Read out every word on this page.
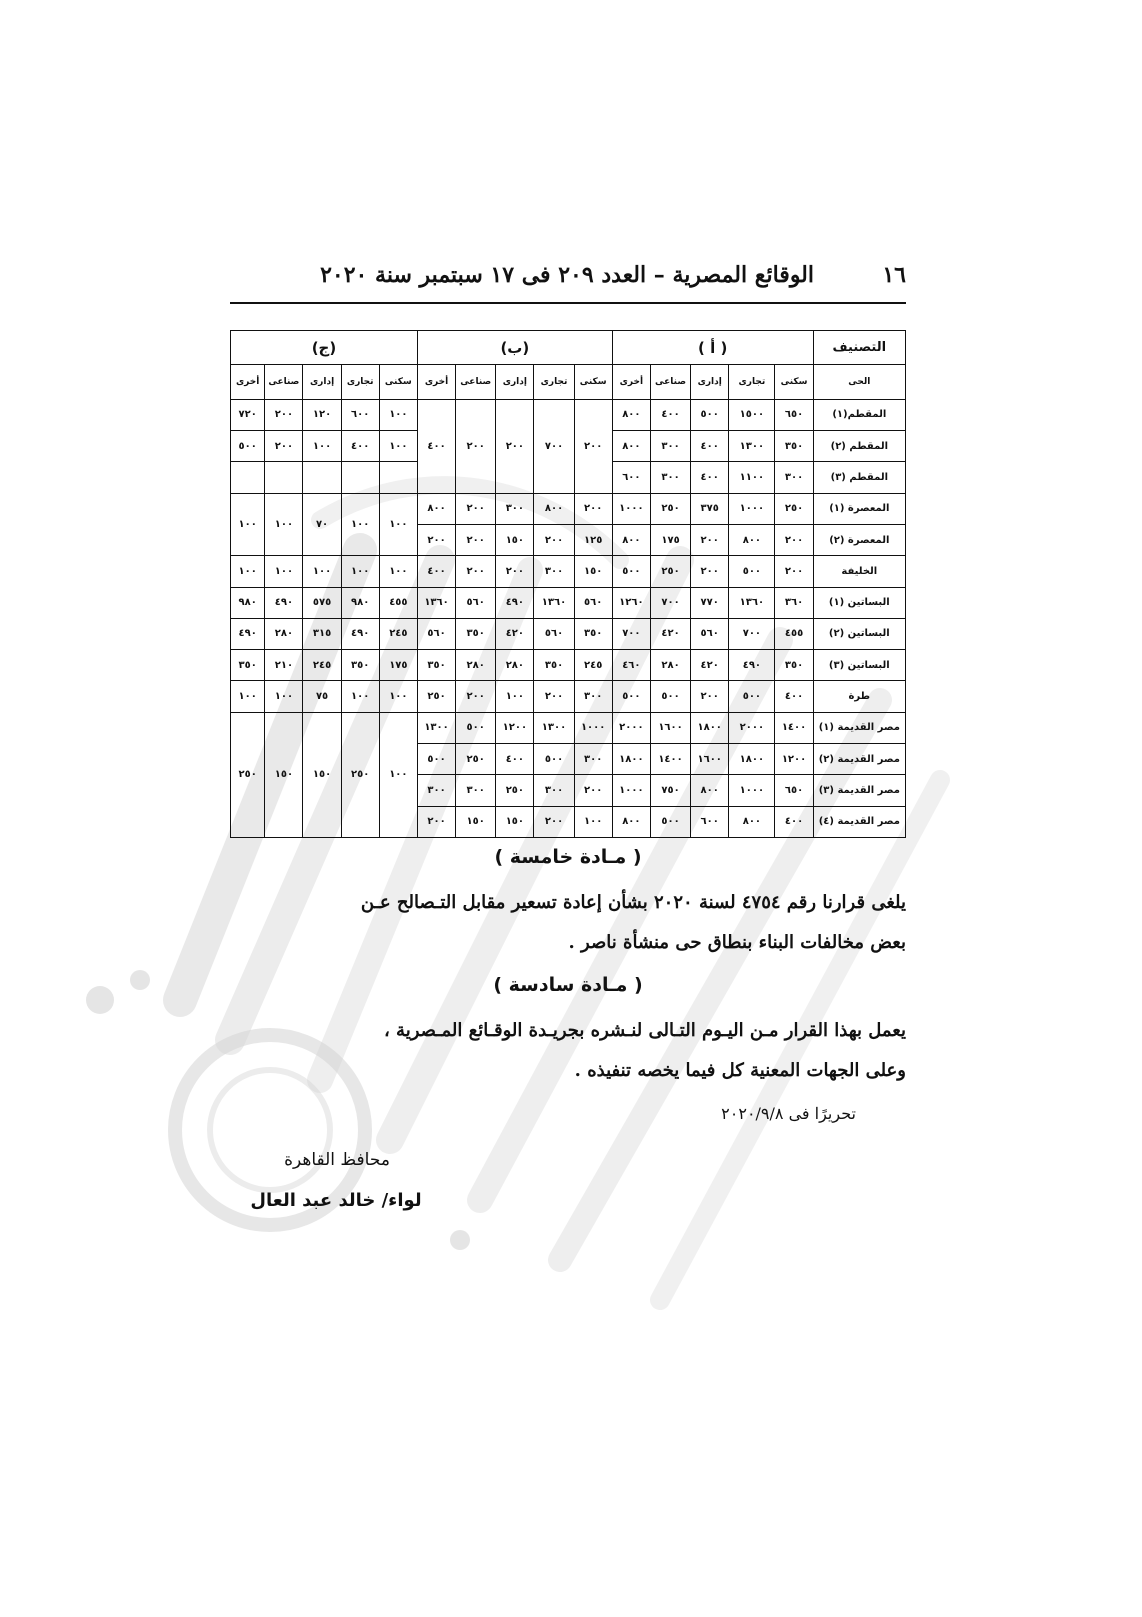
١٦
الوقائع المصرية – العدد ٢٠٩ فى ١٧ سبتمبر سنة ٢٠٢٠
التصنيف	( أ )					(ب)					(ج)				
الحى	سكنى	تجارى	إدارى	صناعى	أخرى	سكنى	تجارى	إدارى	صناعى	أخرى	سكنى	تجارى	إدارى	صناعى	أخرى
المقطم(١)	٦٥٠	١٥٠٠	٥٠٠	٤٠٠	٨٠٠	٢٠٠	٧٠٠	٢٠٠	٢٠٠	٤٠٠	١٠٠	٦٠٠	١٢٠	٢٠٠	٧٢٠
المقطم (٢)	٣٥٠	١٣٠٠	٤٠٠	٣٠٠	٨٠٠						١٠٠	٤٠٠	١٠٠	٢٠٠	٥٠٠
المقطم (٣)	٣٠٠	١١٠٠	٤٠٠	٣٠٠	٦٠٠										
المعصرة (١)	٢٥٠	١٠٠٠	٣٧٥	٢٥٠	١٠٠٠	٢٠٠	٨٠٠	٣٠٠	٢٠٠	٨٠٠	١٠٠	١٠٠	٧٠	١٠٠	١٠٠
المعصرة (٢)	٢٠٠	٨٠٠	٢٠٠	١٧٥	٨٠٠	١٢٥	٢٠٠	١٥٠	٢٠٠	٢٠٠					
الخليفة	٢٠٠	٥٠٠	٢٠٠	٢٥٠	٥٠٠	١٥٠	٣٠٠	٢٠٠	٢٠٠	٤٠٠	١٠٠	١٠٠	١٠٠	١٠٠	١٠٠
البساتين (١)	٣٦٠	١٣٦٠	٧٧٠	٧٠٠	١٢٦٠	٥٦٠	١٣٦٠	٤٩٠	٥٦٠	١٣٦٠	٤٥٥	٩٨٠	٥٧٥	٤٩٠	٩٨٠
البساتين (٢)	٤٥٥	٧٠٠	٥٦٠	٤٢٠	٧٠٠	٣٥٠	٥٦٠	٤٢٠	٣٥٠	٥٦٠	٢٤٥	٤٩٠	٣١٥	٢٨٠	٤٩٠
البساتين (٣)	٣٥٠	٤٩٠	٤٢٠	٢٨٠	٤٦٠	٢٤٥	٣٥٠	٢٨٠	٢٨٠	٣٥٠	١٧٥	٣٥٠	٢٤٥	٢١٠	٣٥٠
طرة	٤٠٠	٥٠٠	٢٠٠	٥٠٠	٥٠٠	٣٠٠	٢٠٠	١٠٠	٢٠٠	٢٥٠	١٠٠	١٠٠	٧٥	١٠٠	١٠٠
مصر القديمة (١)	١٤٠٠	٢٠٠٠	١٨٠٠	١٦٠٠	٢٠٠٠	١٠٠٠	١٣٠٠	١٢٠٠	٥٠٠	١٣٠٠	١٠٠	٢٥٠	١٥٠	١٥٠	٢٥٠
مصر القديمة (٢)	١٢٠٠	١٨٠٠	١٦٠٠	١٤٠٠	١٨٠٠	٣٠٠	٥٠٠	٤٠٠	٢٥٠	٥٠٠					
مصر القديمة (٣)	٦٥٠	١٠٠٠	٨٠٠	٧٥٠	١٠٠٠	٢٠٠	٣٠٠	٢٥٠	٣٠٠	٣٠٠					
مصر القديمة (٤)	٤٠٠	٨٠٠	٦٠٠	٥٠٠	٨٠٠	١٠٠	٢٠٠	١٥٠	١٥٠	٢٠٠					
( مـادة خامسة )
يلغى قرارنا رقم ٤٧٥٤ لسنة ٢٠٢٠ بشأن إعادة تسعير مقابل التـصالح عـن
بعض مخالفات البناء بنطاق حى منشأة ناصر .
( مـادة سادسة )
يعمل بهذا القرار مـن اليـوم التـالى لنـشره بجريـدة الوقـائع المـصرية ،
وعلى الجهات المعنية كل فيما يخصه تنفيذه .
تحريرًا فى ٢٠٢٠/٩/٨
محافظ القاهرة
لواء/ خالد عبد العال
